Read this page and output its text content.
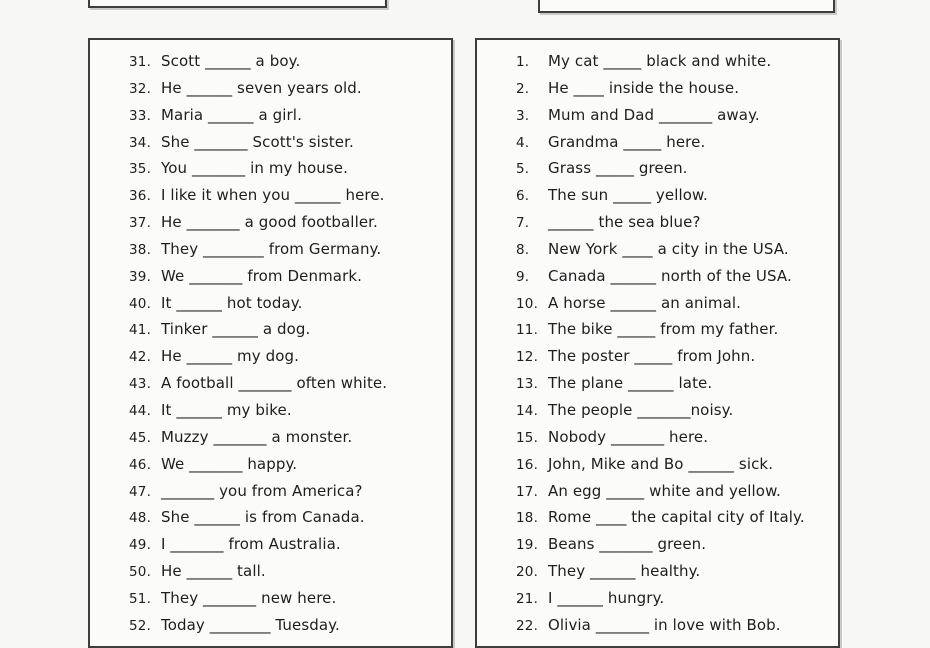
31. Scott ______ a boy.
32. He ______ seven years old.
33. Maria ______ a girl.
34. She _______ Scott's sister.
35. You _______ in my house.
36. I like it when you ______ here.
37. He _______ a good footballer.
38. They ________ from Germany.
39. We _______ from Denmark.
40. It ______ hot today.
41. Tinker ______ a dog.
42. He ______ my dog.
43. A football _______ often white.
44. It ______ my bike.
45. Muzzy _______ a monster.
46. We _______ happy.
47. _______ you from America?
48. She ______ is from Canada.
49. I _______ from Australia.
50. He ______ tall.
51. They _______ new here.
52. Today ________ Tuesday.
1.	My cat _____ black and white.
2.	He ____ inside the house.
3.	Mum and Dad _______ away.
4.	Grandma _____ here.
5.	Grass _____ green.
6.	The sun _____ yellow.
7.	______ the sea blue?
8.	New York ____ a city in the USA.
9.	Canada ______ north of the USA.
10. A horse ______ an animal.
11. The bike _____ from my father.
12. The poster _____ from John.
13. The plane ______ late.
14. The people _______noisy.
15. Nobody _______ here.
16. John, Mike and Bo ______ sick.
17. An egg _____ white and yellow.
18. Rome ____ the capital city of Italy.
19. Beans _______ green.
20. They ______ healthy.
21. I ______ hungry.
22. Olivia _______ in love with Bob.
